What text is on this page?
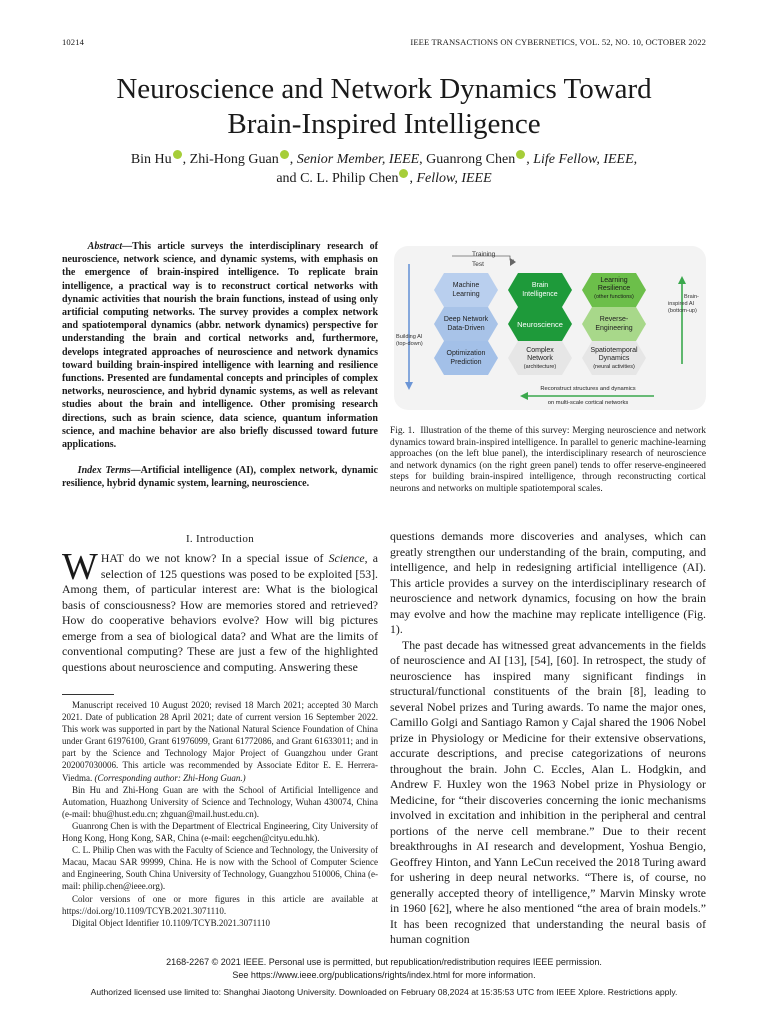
10214	IEEE TRANSACTIONS ON CYBERNETICS, VOL. 52, NO. 10, OCTOBER 2022
Neuroscience and Network Dynamics Toward
Brain-Inspired Intelligence
Bin Hu , Zhi-Hong Guan , Senior Member, IEEE, Guanrong Chen , Life Fellow, IEEE,
and C. L. Philip Chen , Fellow, IEEE
Abstract—This article surveys the interdisciplinary research of neuroscience, network science, and dynamic systems, with emphasis on the emergence of brain-inspired intelligence. To replicate brain intelligence, a practical way is to reconstruct cortical networks with dynamic activities that nourish the brain functions, instead of using only artificial computing networks. The survey provides a complex network and spatiotemporal dynamics (abbr. network dynamics) perspective for understanding the brain and cortical networks and, furthermore, develops integrated approaches of neuroscience and network dynamics toward building brain-inspired intelligence with learning and resilience functions. Presented are fundamental concepts and principles of complex networks, neuroscience, and hybrid dynamic systems, as well as relevant studies about the brain and intelligence. Other promising research directions, such as brain science, data science, quantum information science, and machine behavior are also briefly discussed toward future applications.
Index Terms—Artificial intelligence (AI), complex network, dynamic resilience, hybrid dynamic system, learning, neuroscience.
I. Introduction
WHAT do we not know? In a special issue of Science, a selection of 125 questions was posed to be exploited [53]. Among them, of particular interest are: What is the biological basis of consciousness? How are memories stored and retrieved? How do cooperative behaviors evolve? How will big pictures emerge from a sea of biological data? and What are the limits of conventional computing? These are just a few of the highlighted questions about neuroscience and computing. Answering these

Manuscript received 10 August 2020; revised 18 March 2021; accepted 30 March 2021. Date of publication 28 April 2021; date of current version 16 September 2022. This work was supported in part by the National Natural Science Foundation of China under Grant 61976100, Grant 61976099, Grant 61772086, and Grant 61633011; and in part by the Science and Technology Major Project of Guangzhou under Grant 202007030006. This article was recommended by Associate Editor E. E. Herrera-Viedma. (Corresponding author: Zhi-Hong Guan.)

Bin Hu and Zhi-Hong Guan are with the School of Artificial Intelligence and Automation, Huazhong University of Science and Technology, Wuhan 430074, China (e-mail: bhu@hust.edu.cn; zhguan@mail.hust.edu.cn).

Guanrong Chen is with the Department of Electrical Engineering, City University of Hong Kong, Hong Kong, SAR, China (e-mail: eegchen@cityu.edu.hk).

C. L. Philip Chen was with the Faculty of Science and Technology, the University of Macau, Macau SAR 99999, China. He is now with the School of Computer Science and Engineering, South China University of Technology, Guangzhou 510006, China (e-mail: philip.chen@ieee.org).

Color versions of one or more figures in this article are available at https://doi.org/10.1109/TCYB.2021.3071110.

Digital Object Identifier 10.1109/TCYB.2021.3071110

Training
Test
Building AI (top-down)
Brain-inspired AI (bottom-up)
Machine Learning
Deep Network Data-Driven
Optimization Prediction
Brain Intelligence
Neuroscience
Complex Network (architecture)
Learning Resilience (other functions)
Reverse-Engineering
Spatiotemporal Dynamics (neural activities)
Reconstruct structures and dynamics
on multi-scale cortical networks
Fig. 1. Illustration of the theme of this survey: Merging neuroscience and network dynamics toward brain-inspired intelligence. In parallel to generic machine-learning approaches (on the left blue panel), the interdisciplinary research of neuroscience and network dynamics (on the right green panel) tends to offer reserve-engineered steps for building brain-inspired intelligence, through reconstructing cortical neurons and networks on multiple spatiotemporal scales.

questions demands more discoveries and analyses, which can greatly strengthen our understanding of the brain, computing, and intelligence, and help in redesigning artificial intelligence (AI). This article provides a survey on the interdisciplinary research of neuroscience and network dynamics, focusing on how the brain may evolve and how the machine may replicate intelligence (Fig. 1).

The past decade has witnessed great advancements in the fields of neuroscience and AI [13], [54], [60]. In retrospect, the study of neuroscience has inspired many significant findings in structural/functional constituents of the brain [8], leading to several Nobel prizes and Turing awards. To name the major ones, Camillo Golgi and Santiago Ramon y Cajal shared the 1906 Nobel prize in Physiology or Medicine for their extensive observations, accurate descriptions, and precise categorizations of neurons throughout the brain. John C. Eccles, Alan L. Hodgkin, and Andrew F. Huxley won the 1963 Nobel prize in Physiology or Medicine, for “their discoveries concerning the ionic mechanisms involved in excitation and inhibition in the peripheral and central portions of the nerve cell membrane.” Due to their recent breakthroughs in AI research and development, Yoshua Bengio, Geoffrey Hinton, and Yann LeCun received the 2018 Turing award for ushering in deep neural networks. “There is, of course, no generally accepted theory of intelligence,” Marvin Minsky wrote in 1960 [62], where he also mentioned “the area of brain models.” It has been recognized that understanding the neural basis of human cognition

2168-2267 © 2021 IEEE. Personal use is permitted, but republication/redistribution requires IEEE permission.
See https://www.ieee.org/publications/rights/index.html for more information.
Authorized licensed use limited to: Shanghai Jiaotong University. Downloaded on February 08,2024 at 15:35:53 UTC from IEEE Xplore. Restrictions apply.
